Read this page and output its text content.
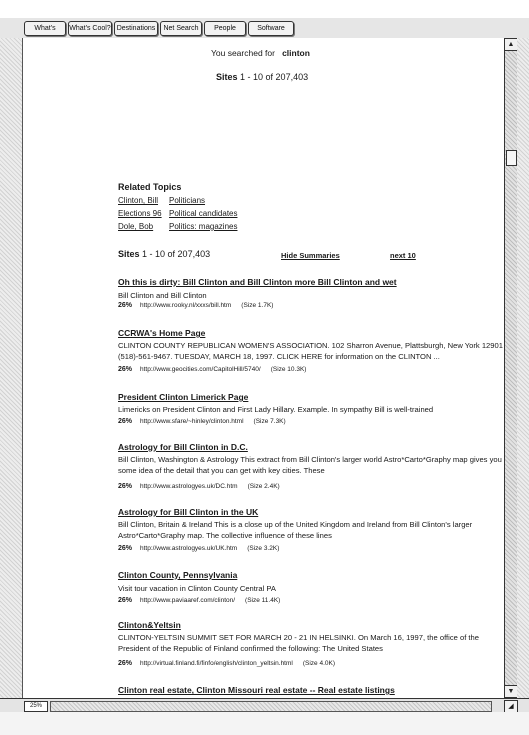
What's	What's Cool? Destinations	Net Search	People	Software
You searched for clinton
Sites 1 - 10 of 207,403
Related Topics
Clinton, Bill Politicians
Elections 96 Political candidates
Dole, Bob Politics: magazines
Sites 1 - 10 of 207,403	Hide Summaries	next 10
Oh this is dirty: Bill Clinton and Bill Clinton more Bill Clinton and wet
Bill Clinton and Bill Clinton
26% http://www.rooky.nl/xxxs/bill.htm (Size 1.7K)
CCRWA's Home Page
CLINTON COUNTY REPUBLICAN WOMEN'S ASSOCIATION. 102 Sharron Avenue, Plattsburgh, New York 12901 (518)-561-9467. TUESDAY, MARCH 18, 1997. CLICK HERE for information on the CLINTON ...
26% http://www.geocities.com/CapitolHill/5740/ (Size 10.3K)
President Clinton Limerick Page
Limericks on President Clinton and First Lady Hillary. Example. In sympathy Bill is well-trained
26% http://www.sfare/~hinley/clinton.html (Size 7.3K)
Astrology for Bill Clinton in D.C.
Bill Clinton, Washington & Astrology This extract from Bill Clinton's larger world Astro*Carto*Graphy map gives you some idea of the detail that you can get with key cities. These
26% http://www.astrologyes.uk/DC.htm (Size 2.4K)
Astrology for Bill Clinton in the UK
Bill Clinton, Britain & Ireland This is a close up of the United Kingdom and Ireland from Bill Clinton's larger Astro*Carto*Graphy map. The collective influence of these lines
26% http://www.astrologyes.uk/UK.htm (Size 3.2K)
Clinton County, Pennsylvania
Visit tour vacation in Clinton County Central PA
26% http://www.paviaaref.com/clinton/ (Size 11.4K)
Clinton&Yeltsin
CLINTON-YELTSIN SUMMIT SET FOR MARCH 20 - 21 IN HELSINKI. On March 16, 1997, the office of the President of the Republic of Finland confirmed the following: The United States
26% http://virtual.finland.fi/finfo/english/clinton_yeltsin.html (Size 4.0K)
Clinton real estate, Clinton Missouri real estate -- Real estate listings
▲
▼
25%	◢
